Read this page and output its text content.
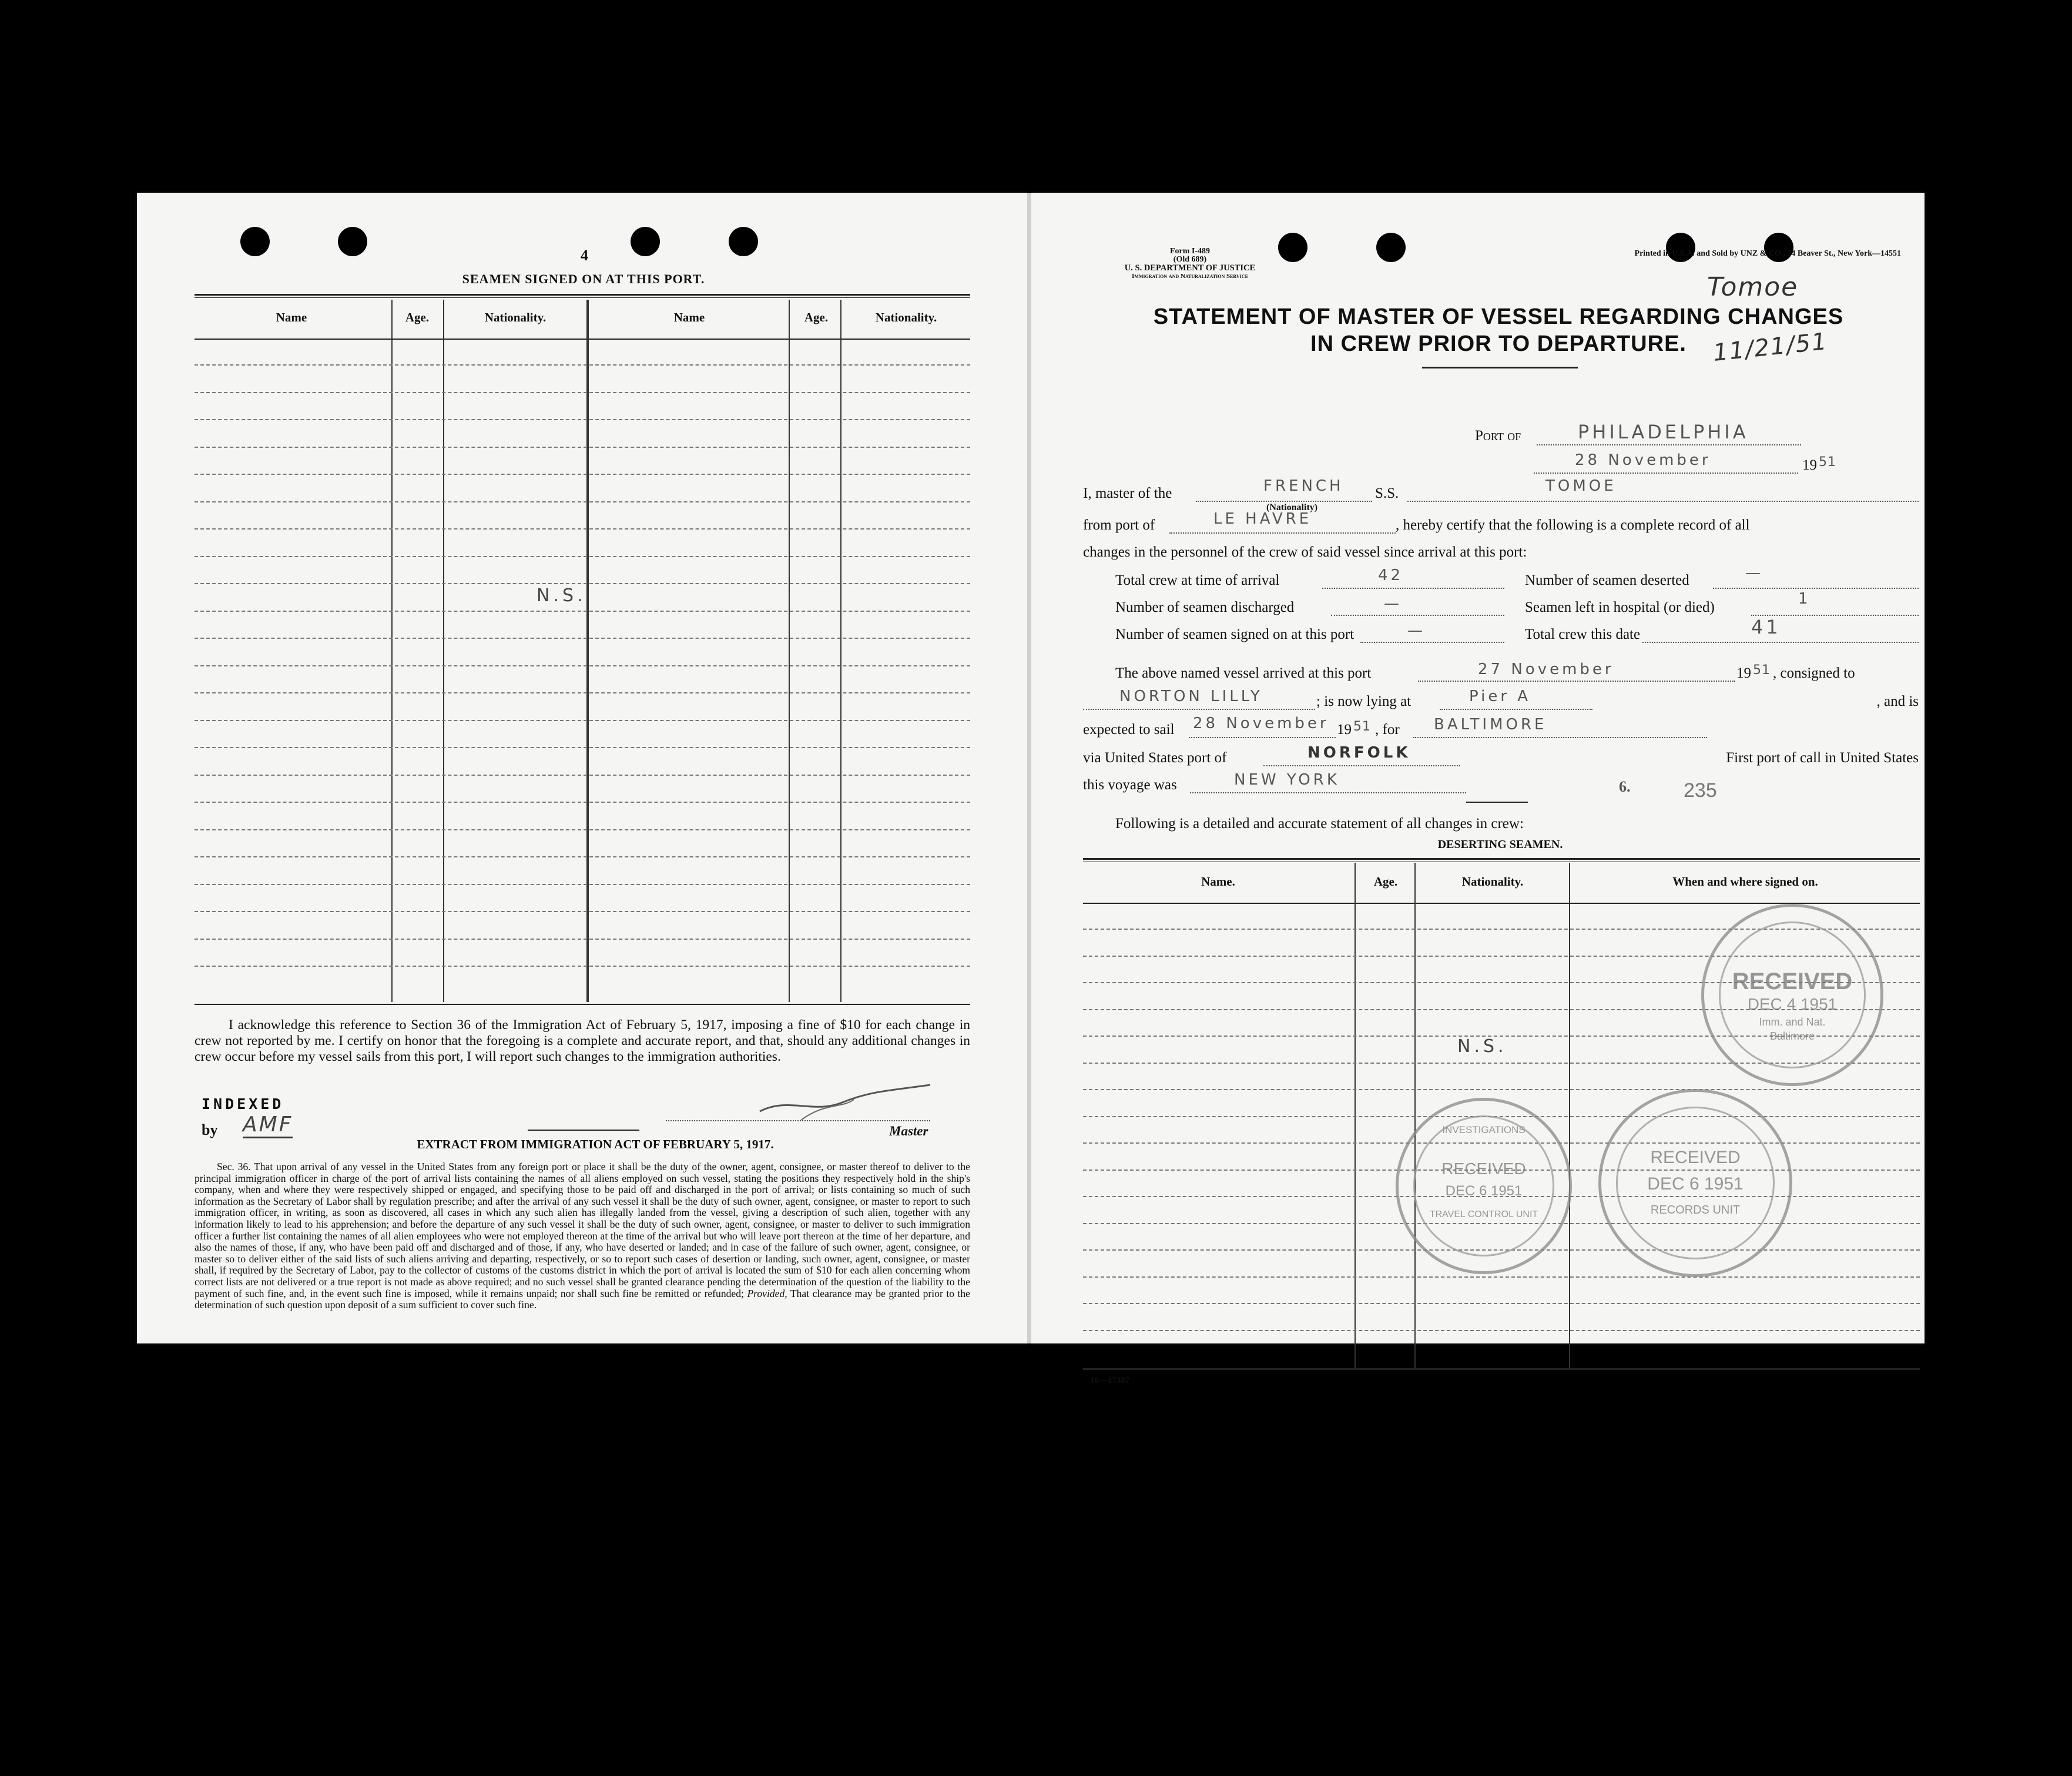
4
SEAMEN SIGNED ON AT THIS PORT.
Name	Age.	Nationality.	Name	Age.	Nationality.
N.S.
I acknowledge this reference to Section 36 of the Immigration Act of February 5, 1917, imposing a fine of $10 for each change in crew not reported by me. I certify on honor that the foregoing is a complete and accurate report, and that, should any additional changes in crew occur before my vessel sails from this port, I will report such changes to the immigration authorities.
INDEXED
by AMF	Master
EXTRACT FROM IMMIGRATION ACT OF FEBRUARY 5, 1917.
Sec. 36. That upon arrival of any vessel in the United States from any foreign port or place it shall be the duty of the owner, agent, consignee, or master thereof to deliver to the principal immigration officer in charge of the port of arrival lists containing the names of all aliens employed on such vessel, stating the positions they respectively hold in the ship's company, when and where they were respectively shipped or engaged, and specifying those to be paid off and discharged in the port of arrival; or lists containing so much of such information as the Secretary of Labor shall by regulation prescribe; and after the arrival of any such vessel it shall be the duty of such owner, agent, consignee, or master to report to such immigration officer, in writing, as soon as discovered, all cases in which any such alien has illegally landed from the vessel, giving a description of such alien, together with any information likely to lead to his apprehension; and before the departure of any such vessel it shall be the duty of such owner, agent, consignee, or master to deliver to such immigration officer a further list containing the names of all alien employees who were not employed thereon at the time of the arrival but who will leave port thereon at the time of her departure, and also the names of those, if any, who have been paid off and discharged and of those, if any, who have deserted or landed; and in case of the failure of such owner, agent, consignee, or master so to deliver either of the said lists of such aliens arriving and departing, respectively, or so to report such cases of desertion or landing, such owner, agent, consignee, or master shall, if required by the Secretary of Labor, pay to the collector of customs of the customs district in which the port of arrival is located the sum of $10 for each alien concerning whom correct lists are not delivered or a true report is not made as above required; and no such vessel shall be granted clearance pending the determination of the question of the liability to the payment of such fine, and, in the event such fine is imposed, while it remains unpaid; nor shall such fine be remitted or refunded; Provided, That clearance may be granted prior to the determination of such question upon deposit of a sum sufficient to cover such fine.
Form I-489
(Old 689)
U. S. DEPARTMENT OF JUSTICE
Immigration and Naturalization Service
Printed in U.S.A. and Sold by UNZ & CO., 24 Beaver St., New York—14551
Tomoe
11/21/51
STATEMENT OF MASTER OF VESSEL REGARDING CHANGES
IN CREW PRIOR TO DEPARTURE.
Port of	PHILADELPHIA
28 November	19 51
I, master of the	FRENCH
(Nationality)
S.S.	TOMOE
from port of	LE HAVRE	, hereby certify that the following is a complete record of all
changes in the personnel of the crew of said vessel since arrival at this port:
Total crew at time of arrival	42	Number of seamen deserted	—
Number of seamen discharged	—	Seamen left in hospital (or died)	1
Number of seamen signed on at this port	—	Total crew this date	41
The above named vessel arrived at this port	27 November	19 51 , consigned to
NORTON LILLY	; is now lying at	Pier A	, and is
expected to sail 28 November 19 51 , for BALTIMORE
via United States port of	NORFOLK	First port of call in United States
this voyage was	NEW YORK	6.	235
Following is a detailed and accurate statement of all changes in crew:
DESERTING SEAMEN.
Name.	Age.	Nationality.	When and where signed on.
N.S.
RECEIVED
DEC 4 1951
Imm. and Nat.
Baltimore
RECEIVED
DEC 6 1951
RECORDS UNIT
INVESTIGATIONS
RECEIVED
DEC 6 1951
TRAVEL CONTROL UNIT
16—17387
